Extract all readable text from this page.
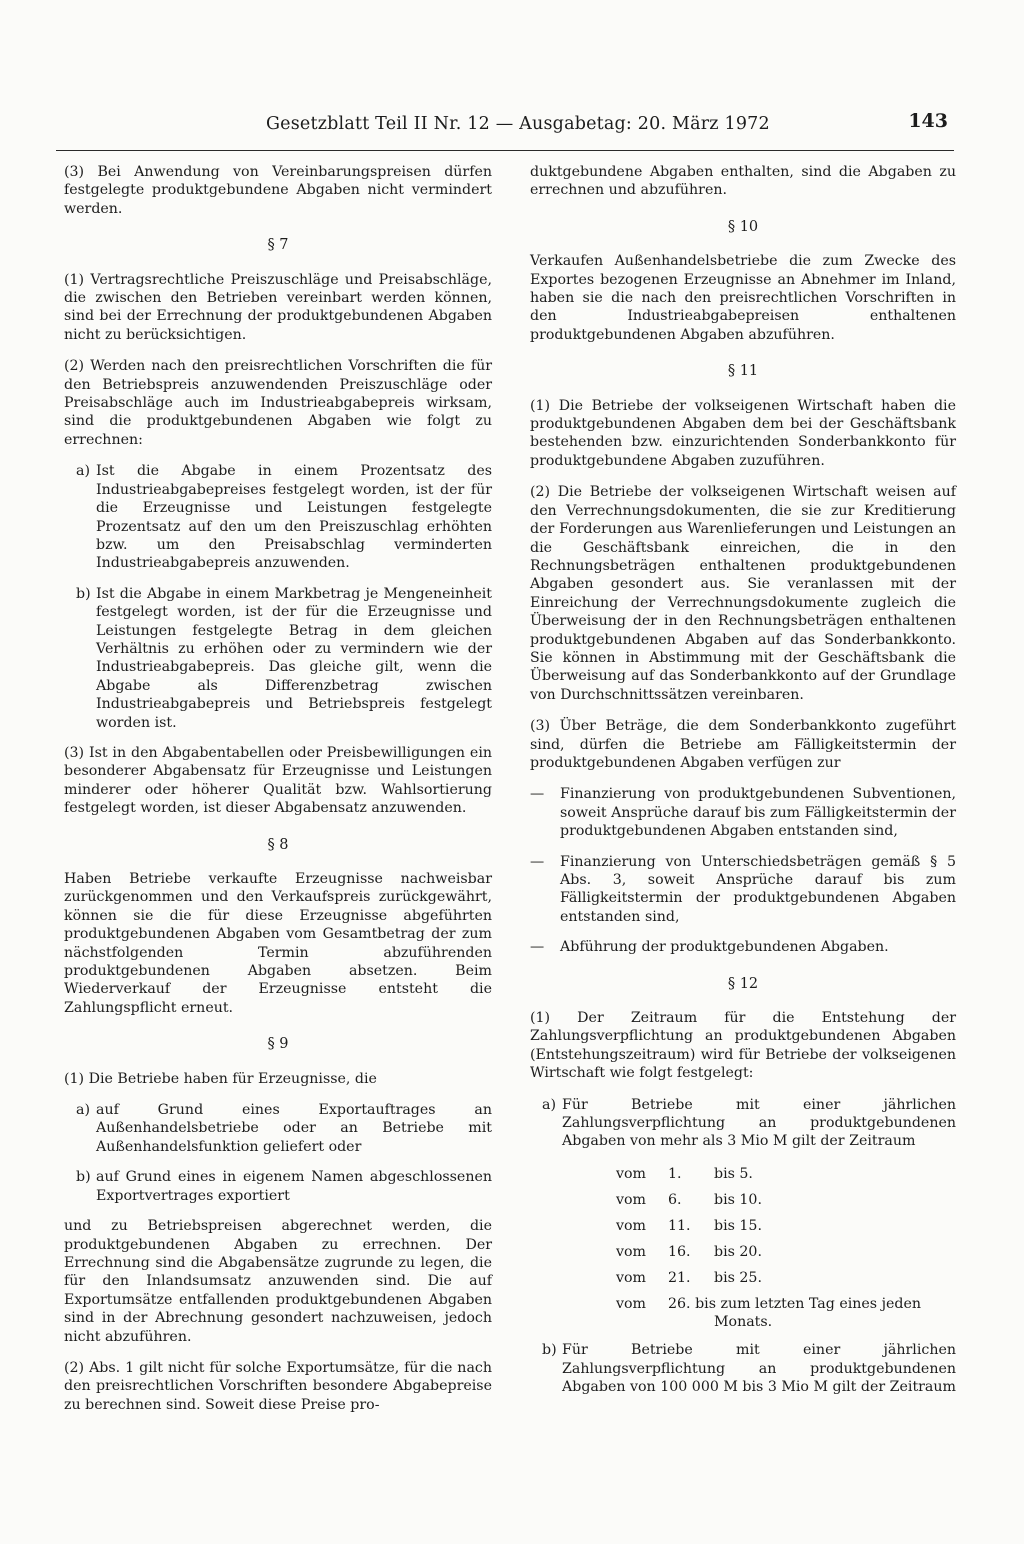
Gesetzblatt Teil II Nr. 12 — Ausgabetag: 20. März 1972	143

(3) Bei Anwendung von Vereinbarungspreisen dürfen festgelegte produktgebundene Abgaben nicht vermindert werden.

§ 7

(1) Vertragsrechtliche Preiszuschläge und Preisabschläge, die zwischen den Betrieben vereinbart werden können, sind bei der Errechnung der produktgebundenen Abgaben nicht zu berücksichtigen.

(2) Werden nach den preisrechtlichen Vorschriften die für den Betriebspreis anzuwendenden Preiszuschläge oder Preisabschläge auch im Industrieabgabepreis wirksam, sind die produktgebundenen Abgaben wie folgt zu errechnen:

a) Ist die Abgabe in einem Prozentsatz des Industrieabgabepreises festgelegt worden, ist der für die Erzeugnisse und Leistungen festgelegte Prozentsatz auf den um den Preiszuschlag erhöhten bzw. um den Preisabschlag verminderten Industrieabgabepreis anzuwenden.
b) Ist die Abgabe in einem Markbetrag je Mengeneinheit festgelegt worden, ist der für die Erzeugnisse und Leistungen festgelegte Betrag in dem gleichen Verhältnis zu erhöhen oder zu vermindern wie der Industrieabgabepreis. Das gleiche gilt, wenn die Abgabe als Differenzbetrag zwischen Industrieabgabepreis und Betriebspreis festgelegt worden ist.

(3) Ist in den Abgabentabellen oder Preisbewilligungen ein besonderer Abgabensatz für Erzeugnisse und Leistungen minderer oder höherer Qualität bzw. Wahlsortierung festgelegt worden, ist dieser Abgabensatz anzuwenden.

§ 8

Haben Betriebe verkaufte Erzeugnisse nachweisbar zurückgenommen und den Verkaufspreis zurückgewährt, können sie die für diese Erzeugnisse abgeführten produktgebundenen Abgaben vom Gesamtbetrag der zum nächstfolgenden Termin abzuführenden produktgebundenen Abgaben absetzen. Beim Wiederverkauf der Erzeugnisse entsteht die Zahlungspflicht erneut.

§ 9

(1) Die Betriebe haben für Erzeugnisse, die

a) auf Grund eines Exportauftrages an Außenhandelsbetriebe oder an Betriebe mit Außenhandelsfunktion geliefert oder
b) auf Grund eines in eigenem Namen abgeschlossenen Exportvertrages exportiert

und zu Betriebspreisen abgerechnet werden, die produktgebundenen Abgaben zu errechnen. Der Errechnung sind die Abgabensätze zugrunde zu legen, die für den Inlandsumsatz anzuwenden sind. Die auf Exportumsätze entfallenden produktgebundenen Abgaben sind in der Abrechnung gesondert nachzuweisen, jedoch nicht abzuführen.

(2) Abs. 1 gilt nicht für solche Exportumsätze, für die nach den preisrechtlichen Vorschriften besondere Abgabepreise zu berechnen sind. Soweit diese Preise pro-

duktgebundene Abgaben enthalten, sind die Abgaben zu errechnen und abzuführen.

§ 10

Verkaufen Außenhandelsbetriebe die zum Zwecke des Exportes bezogenen Erzeugnisse an Abnehmer im Inland, haben sie die nach den preisrechtlichen Vorschriften in den Industrieabgabepreisen enthaltenen produktgebundenen Abgaben abzuführen.

§ 11

(1) Die Betriebe der volkseigenen Wirtschaft haben die produktgebundenen Abgaben dem bei der Geschäftsbank bestehenden bzw. einzurichtenden Sonderbankkonto für produktgebundene Abgaben zuzuführen.

(2) Die Betriebe der volkseigenen Wirtschaft weisen auf den Verrechnungsdokumenten, die sie zur Kreditierung der Forderungen aus Warenlieferungen und Leistungen an die Geschäftsbank einreichen, die in den Rechnungsbeträgen enthaltenen produktgebundenen Abgaben gesondert aus. Sie veranlassen mit der Einreichung der Verrechnungsdokumente zugleich die Überweisung der in den Rechnungsbeträgen enthaltenen produktgebundenen Abgaben auf das Sonderbankkonto. Sie können in Abstimmung mit der Geschäftsbank die Überweisung auf das Sonderbankkonto auf der Grundlage von Durchschnittssätzen vereinbaren.

(3) Über Beträge, die dem Sonderbankkonto zugeführt sind, dürfen die Betriebe am Fälligkeitstermin der produktgebundenen Abgaben verfügen zur

—	Finanzierung von produktgebundenen Subventionen, soweit Ansprüche darauf bis zum Fälligkeitstermin der produktgebundenen Abgaben entstanden sind,
—	Finanzierung von Unterschiedsbeträgen gemäß § 5 Abs. 3, soweit Ansprüche darauf bis zum Fälligkeitstermin der produktgebundenen Abgaben entstanden sind,
—	Abführung der produktgebundenen Abgaben.
§ 12

(1) Der Zeitraum für die Entstehung der Zahlungsverpflichtung an produktgebundenen Abgaben (Entstehungszeitraum) wird für Betriebe der volkseigenen Wirtschaft wie folgt festgelegt:

a) Für Betriebe mit einer jährlichen Zahlungsverpflichtung an produktgebundenen Abgaben von mehr als 3 Mio M gilt der Zeitraum
vom	1.	bis 5.
vom	6.	bis 10.
vom	11.	bis 15.
vom	16.	bis 20.
vom	21.	bis 25.
vom	26. bis zum letzten Tag eines jeden
Monats.
b) Für Betriebe mit einer jährlichen Zahlungsverpflichtung an produktgebundenen Abgaben von 100 000 M bis 3 Mio M gilt der Zeitraum
